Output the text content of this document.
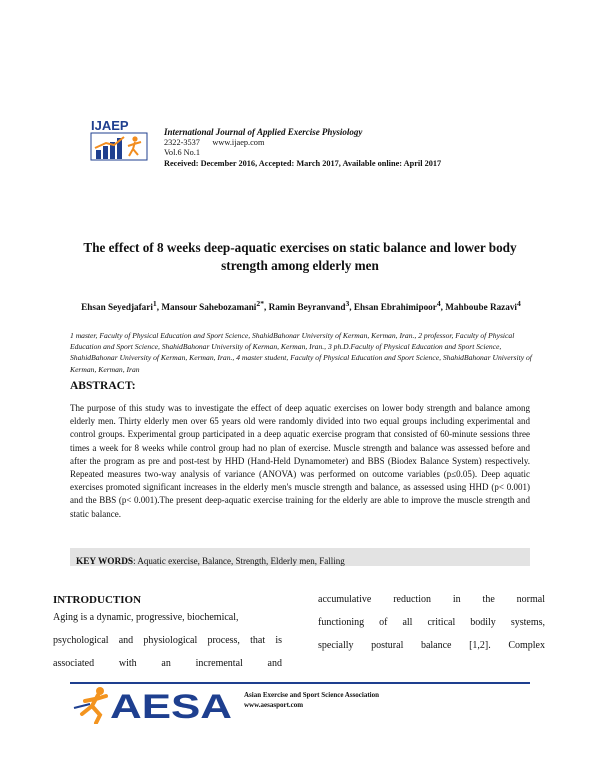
IJAEP	International Journal of Applied Exercise Physiology
2322-3537 www.ijaep.com
Vol.6 No.1
Received: December 2016, Accepted: March 2017, Available online: April 2017
The effect of 8 weeks deep-aquatic exercises on static balance and lower body strength among elderly men
Ehsan Seyedjafari$^1$, Mansour Sahebozamani$^{2*}$, Ramin Beyranvand$^3$, Ehsan Ebrahimipoor$^4$, Mahboube Razavi$^4$
1 master, Faculty of Physical Education and Sport Science, ShahidBahonar University of Kerman, Kerman, Iran., 2 professor, Faculty of Physical Education and Sport Science, ShahidBahonar University of Kerman, Kerman, Iran., 3 ph.D.Faculty of Physical Education and Sport Science, ShahidBahonar University of Kerman, Kerman, Iran., 4 master student, Faculty of Physical Education and Sport Science, ShahidBahonar University of Kerman, Kerman, Iran
ABSTRACT:
The purpose of this study was to investigate the effect of deep aquatic exercises on lower body strength and balance among elderly men. Thirty elderly men over 65 years old were randomly divided into two equal groups including experimental and control groups. Experimental group participated in a deep aquatic exercise program that consisted of 60-minute sessions three times a week for 8 weeks while control group had no plan of exercise. Muscle strength and balance was assessed before and after the program as pre and post-test by HHD (Hand-Held Dynamometer) and BBS (Biodex Balance System) respectively. Repeated measures two-way analysis of variance (ANOVA) was performed on outcome variables (p≤0.05). Deep aquatic exercises promoted significant increases in the elderly men's muscle strength and balance, as assessed using HHD (p< 0.001) and the BBS (p< 0.001).The present deep-aquatic exercise training for the elderly are able to improve the muscle strength and static balance.
KEY WORDS: Aquatic exercise, Balance, Strength, Elderly men, Falling
INTRODUCTION
Aging is a dynamic, progressive, biochemical,
psychological and physiological process, that is
associated with an incremental and
accumulative reduction in the normal
functioning of all critical bodily systems,
specially postural balance [1,2]. Complex
AESA Asian Exercise and Sport Science Association
www.aesasport.com
